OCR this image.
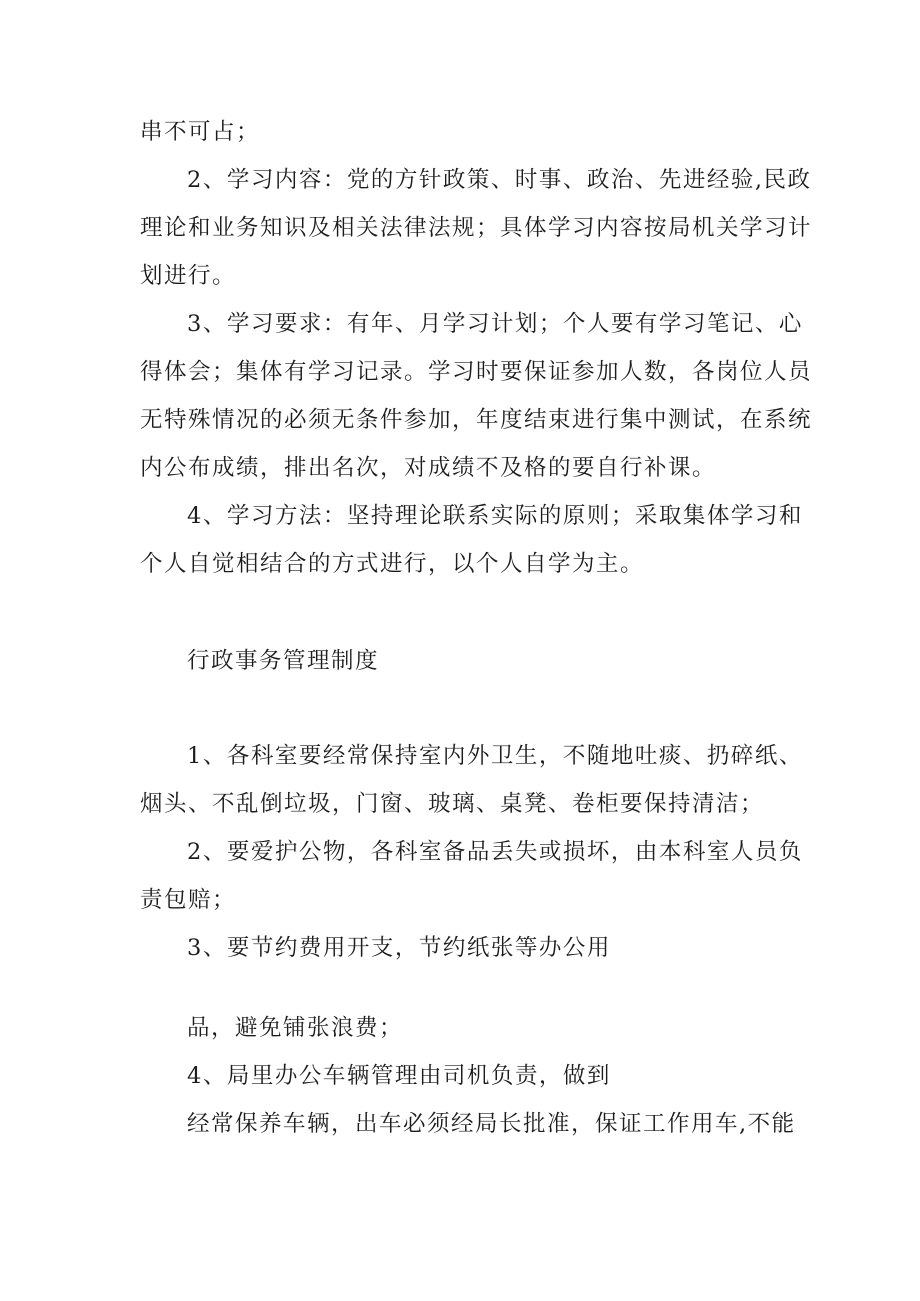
串不可占；
2、学习内容：党的方针政策、时事、政治、先进经验,民政
理论和业务知识及相关法律法规；具体学习内容按局机关学习计
划进行。
3、学习要求：有年、月学习计划；个人要有学习笔记、心
得体会；集体有学习记录。学习时要保证参加人数，各岗位人员
无特殊情况的必须无条件参加，年度结束进行集中测试，在系统
内公布成绩，排出名次，对成绩不及格的要自行补课。
4、学习方法：坚持理论联系实际的原则；采取集体学习和
个人自觉相结合的方式进行，以个人自学为主。
行政事务管理制度
1、各科室要经常保持室内外卫生，不随地吐痰、扔碎纸、
烟头、不乱倒垃圾，门窗、玻璃、桌凳、卷柜要保持清洁；
2、要爱护公物，各科室备品丢失或损坏，由本科室人员负
责包赔；
3、要节约费用开支，节约纸张等办公用
品，避免铺张浪费；
4、局里办公车辆管理由司机负责，做到
经常保养车辆，出车必须经局长批准，保证工作用车,不能
